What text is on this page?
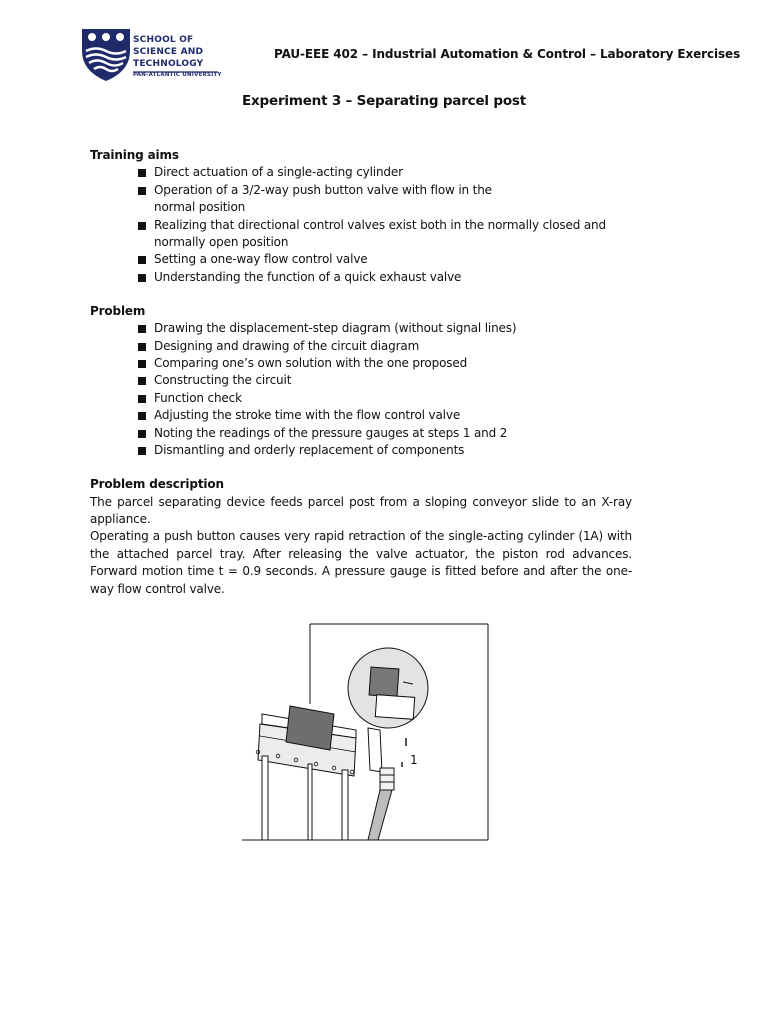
SCHOOL OF
SCIENCE AND
TECHNOLOGY
PAN-ATLANTIC UNIVERSITY
PAU-EEE 402 – Industrial Automation & Control – Laboratory Exercises
Experiment 3 – Separating parcel post
Training aims
Direct actuation of a single-acting cylinder
Operation of a 3/2-way push button valve with flow in the normal position
Realizing that directional control valves exist both in the normally closed and normally open position
Setting a one-way flow control valve
Understanding the function of a quick exhaust valve
Problem
Drawing the displacement-step diagram (without signal lines)
Designing and drawing of the circuit diagram
Comparing one’s own solution with the one proposed
Constructing the circuit
Function check
Adjusting the stroke time with the flow control valve
Noting the readings of the pressure gauges at steps 1 and 2
Dismantling and orderly replacement of components
Problem description

The parcel separating device feeds parcel post from a sloping conveyor slide to an X-ray appliance.

Operating a push button causes very rapid retraction of the single-acting cylinder (1A) with the attached parcel tray. After releasing the valve actuator, the piston rod advances. Forward motion time t = 0.9 seconds. A pressure gauge is fitted before and after the one-way flow control valve.

1
